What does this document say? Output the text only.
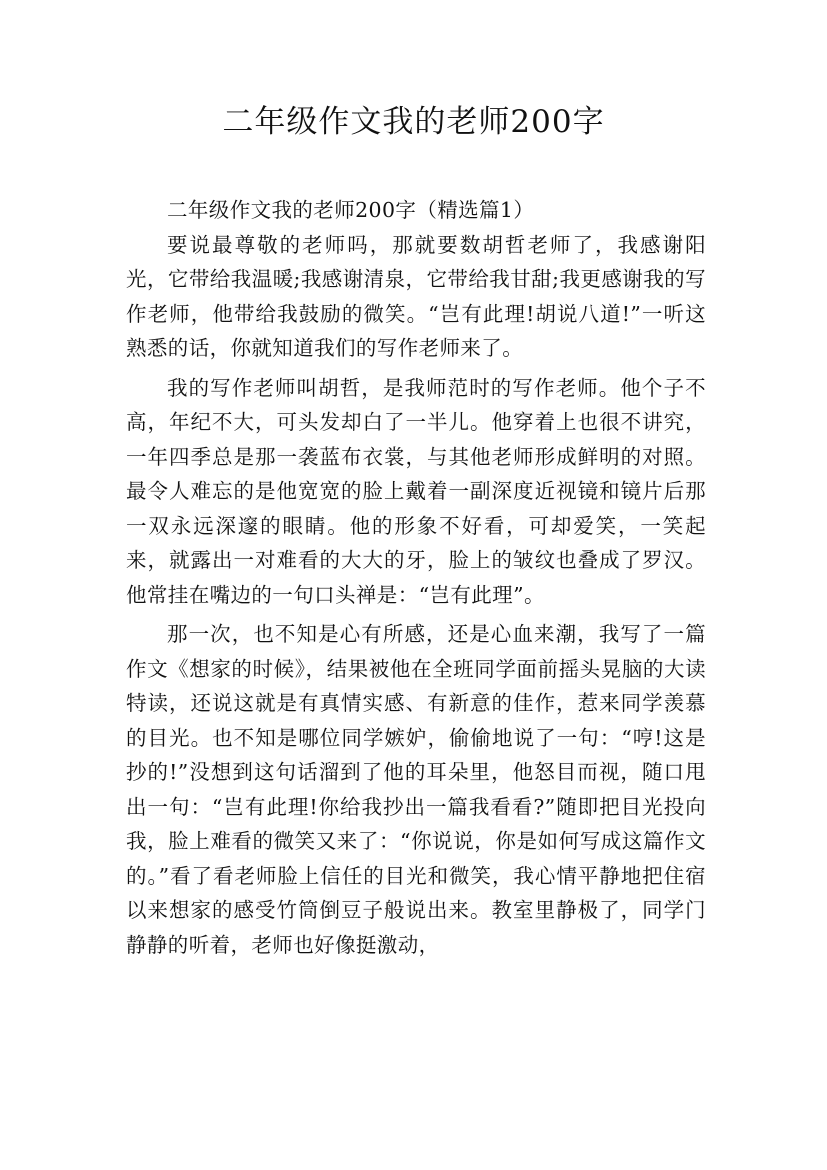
二年级作文我的老师200字

二年级作文我的老师200字（精选篇1）

要说最尊敬的老师吗，那就要数胡哲老师了，我感谢阳光，它带给我温暖;我感谢清泉，它带给我甘甜;我更感谢我的写作老师，他带给我鼓励的微笑。“岂有此理!胡说八道!”一听这熟悉的话，你就知道我们的写作老师来了。

我的写作老师叫胡哲，是我师范时的写作老师。他个子不高，年纪不大，可头发却白了一半儿。他穿着上也很不讲究，一年四季总是那一袭蓝布衣裳，与其他老师形成鲜明的对照。最令人难忘的是他宽宽的脸上戴着一副深度近视镜和镜片后那一双永远深邃的眼睛。他的形象不好看，可却爱笑，一笑起来，就露出一对难看的大大的牙，脸上的皱纹也叠成了罗汉。他常挂在嘴边的一句口头禅是：“岂有此理”。

那一次，也不知是心有所感，还是心血来潮，我写了一篇作文《想家的时候》，结果被他在全班同学面前摇头晃脑的大读特读，还说这就是有真情实感、有新意的佳作，惹来同学羡慕的目光。也不知是哪位同学嫉妒，偷偷地说了一句：“哼!这是抄的!”没想到这句话溜到了他的耳朵里，他怒目而视，随口甩出一句：“岂有此理!你给我抄出一篇我看看?”随即把目光投向我，脸上难看的微笑又来了：“你说说，你是如何写成这篇作文的。”看了看老师脸上信任的目光和微笑，我心情平静地把住宿以来想家的感受竹筒倒豆子般说出来。教室里静极了，同学门静静的听着，老师也好像挺激动，
